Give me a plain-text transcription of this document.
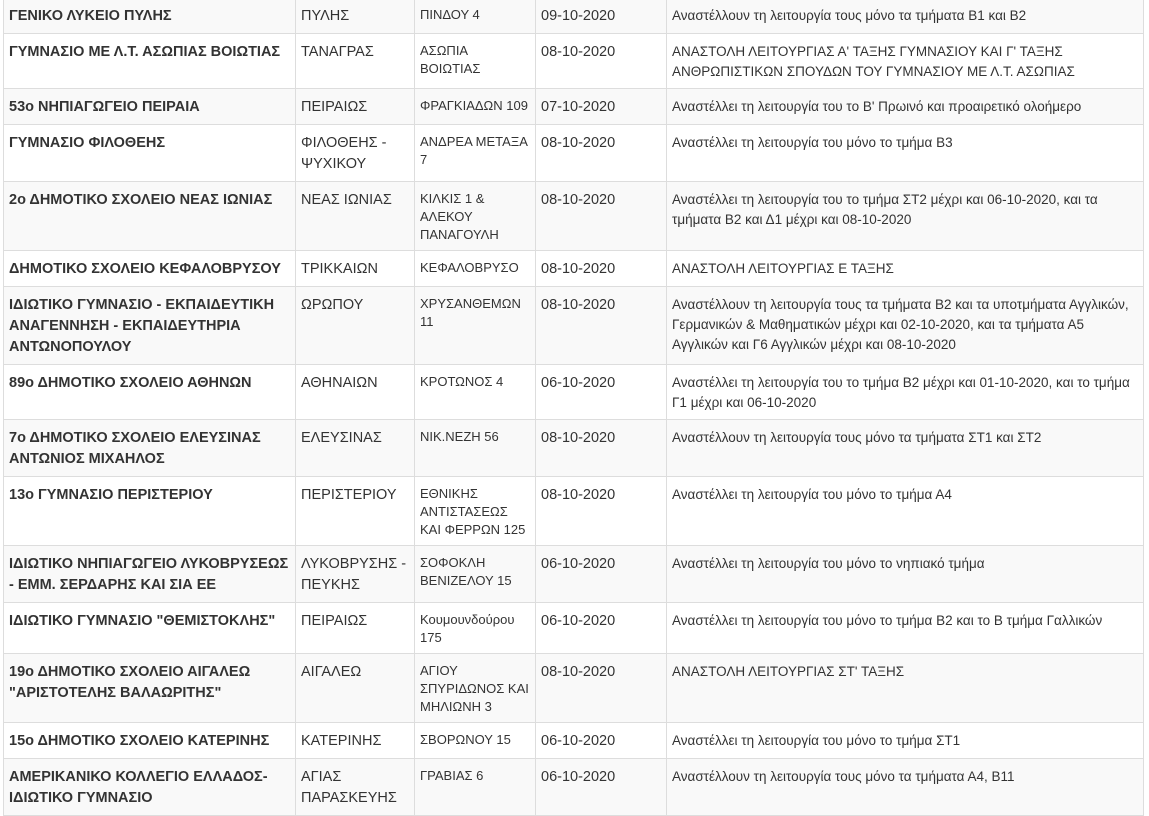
ΓΕΝΙΚΟ ΛΥΚΕΙΟ ΠΥΛΗΣ	ΠΥΛΗΣ	ΠΙΝΔΟΥ 4	09-10-2020	Αναστέλλουν τη λειτουργία τους μόνο τα τμήματα Β1 και Β2
ΓΥΜΝΑΣΙΟ ΜΕ Λ.Τ. ΑΣΩΠΙΑΣ ΒΟΙΩΤΙΑΣ	ΤΑΝΑΓΡΑΣ	ΑΣΩΠΙΑ ΒΟΙΩΤΙΑΣ	08-10-2020	ΑΝΑΣΤΟΛΗ ΛΕΙΤΟΥΡΓΙΑΣ Α' ΤΑΞΗΣ ΓΥΜΝΑΣΙΟΥ ΚΑΙ Γ' ΤΑΞΗΣ ΑΝΘΡΩΠΙΣΤΙΚΩΝ ΣΠΟΥΔΩΝ ΤΟΥ ΓΥΜΝΑΣΙΟΥ ΜΕ Λ.Τ. ΑΣΩΠΙΑΣ
53ο ΝΗΠΙΑΓΩΓΕΙΟ ΠΕΙΡΑΙΑ	ΠΕΙΡΑΙΩΣ	ΦΡΑΓΚΙΑΔΩΝ 109	07-10-2020	Αναστέλλει τη λειτουργία του το Β' Πρωινό και προαιρετικό ολοήμερο
ΓΥΜΝΑΣΙΟ ΦΙΛΟΘΕΗΣ	ΦΙΛΟΘΕΗΣ - ΨΥΧΙΚΟΥ	ΑΝΔΡΕΑ ΜΕΤΑΞΑ 7	08-10-2020	Αναστέλλει τη λειτουργία του μόνο το τμήμα Β3
2ο ΔΗΜΟΤΙΚΟ ΣΧΟΛΕΙΟ ΝΕΑΣ ΙΩΝΙΑΣ	ΝΕΑΣ ΙΩΝΙΑΣ	ΚΙΛΚΙΣ 1 & ΑΛΕΚΟΥ ΠΑΝΑΓΟΥΛΗ	08-10-2020	Αναστέλλει τη λειτουργία του το τμήμα ΣΤ2 μέχρι και 06-10-2020, και τα τμήματα Β2 και Δ1 μέχρι και 08-10-2020
ΔΗΜΟΤΙΚΟ ΣΧΟΛΕΙΟ ΚΕΦΑΛΟΒΡΥΣΟΥ	ΤΡΙΚΚΑΙΩΝ	ΚΕΦΑΛΟΒΡΥΣΟ	08-10-2020	ΑΝΑΣΤΟΛΗ ΛΕΙΤΟΥΡΓΙΑΣ Ε ΤΑΞΗΣ
ΙΔΙΩΤΙΚΟ ΓΥΜΝΑΣΙΟ - ΕΚΠΑΙΔΕΥΤΙΚΗ ΑΝΑΓΕΝΝΗΣΗ - ΕΚΠΑΙΔΕΥΤΗΡΙΑ ΑΝΤΩΝΟΠΟΥΛΟΥ	ΩΡΩΠΟΥ	ΧΡΥΣΑΝΘΕΜΩΝ 11	08-10-2020	Αναστέλλουν τη λειτουργία τους τα τμήματα Β2 και τα υποτμήματα Αγγλικών, Γερμανικών & Μαθηματικών μέχρι και 02-10-2020, και τα τμήματα Α5 Αγγλικών και Γ6 Αγγλικών μέχρι και 08-10-2020
89ο ΔΗΜΟΤΙΚΟ ΣΧΟΛΕΙΟ ΑΘΗΝΩΝ	ΑΘΗΝΑΙΩΝ	ΚΡΟΤΩΝΟΣ 4	06-10-2020	Αναστέλλει τη λειτουργία του το τμήμα Β2 μέχρι και 01-10-2020, και το τμήμα Γ1 μέχρι και 06-10-2020
7ο ΔΗΜΟΤΙΚΟ ΣΧΟΛΕΙΟ ΕΛΕΥΣΙΝΑΣ ΑΝΤΩΝΙΟΣ ΜΙΧΑΗΛΟΣ	ΕΛΕΥΣΙΝΑΣ	ΝΙΚ.ΝΕΖΗ 56	08-10-2020	Αναστέλλουν τη λειτουργία τους μόνο τα τμήματα ΣΤ1 και ΣΤ2
13ο ΓΥΜΝΑΣΙΟ ΠΕΡΙΣΤΕΡΙΟΥ	ΠΕΡΙΣΤΕΡΙΟΥ	ΕΘΝΙΚΗΣ ΑΝΤΙΣΤΑΣΕΩΣ ΚΑΙ ΦΕΡΡΩΝ 125	08-10-2020	Αναστέλλει τη λειτουργία του μόνο το τμήμα Α4
ΙΔΙΩΤΙΚΟ ΝΗΠΙΑΓΩΓΕΙΟ ΛΥΚΟΒΡΥΣΕΩΣ - ΕΜΜ. ΣΕΡΔΑΡΗΣ ΚΑΙ ΣΙΑ ΕΕ	ΛΥΚΟΒΡΥΣΗΣ - ΠΕΥΚΗΣ	ΣΟΦΟΚΛΗ ΒΕΝΙΖΕΛΟΥ 15	06-10-2020	Αναστέλλει τη λειτουργία του μόνο το νηπιακό τμήμα
ΙΔΙΩΤΙΚΟ ΓΥΜΝΑΣΙΟ "ΘΕΜΙΣΤΟΚΛΗΣ"	ΠΕΙΡΑΙΩΣ	Κουμουνδούρου 175	06-10-2020	Αναστέλλει τη λειτουργία του μόνο το τμήμα Β2 και το Β τμήμα Γαλλικών
19ο ΔΗΜΟΤΙΚΟ ΣΧΟΛΕΙΟ ΑΙΓΑΛΕΩ "ΑΡΙΣΤΟΤΕΛΗΣ ΒΑΛΑΩΡΙΤΗΣ"	ΑΙΓΑΛΕΩ	ΑΓΙΟΥ ΣΠΥΡΙΔΩΝΟΣ ΚΑΙ ΜΗΛΙΩΝΗ 3	08-10-2020	ΑΝΑΣΤΟΛΗ ΛΕΙΤΟΥΡΓΙΑΣ ΣΤ' ΤΑΞΗΣ
15ο ΔΗΜΟΤΙΚΟ ΣΧΟΛΕΙΟ ΚΑΤΕΡΙΝΗΣ	ΚΑΤΕΡΙΝΗΣ	ΣΒΟΡΩΝΟΥ 15	06-10-2020	Αναστέλλει τη λειτουργία του μόνο το τμήμα ΣΤ1
ΑΜΕΡΙΚΑΝΙΚΟ ΚΟΛΛΕΓΙΟ ΕΛΛΑΔΟΣ-ΙΔΙΩΤΙΚΟ ΓΥΜΝΑΣΙΟ	ΑΓΙΑΣ ΠΑΡΑΣΚΕΥΗΣ	ΓΡΑΒΙΑΣ 6	06-10-2020	Αναστέλλουν τη λειτουργία τους μόνο τα τμήματα Α4, Β11
